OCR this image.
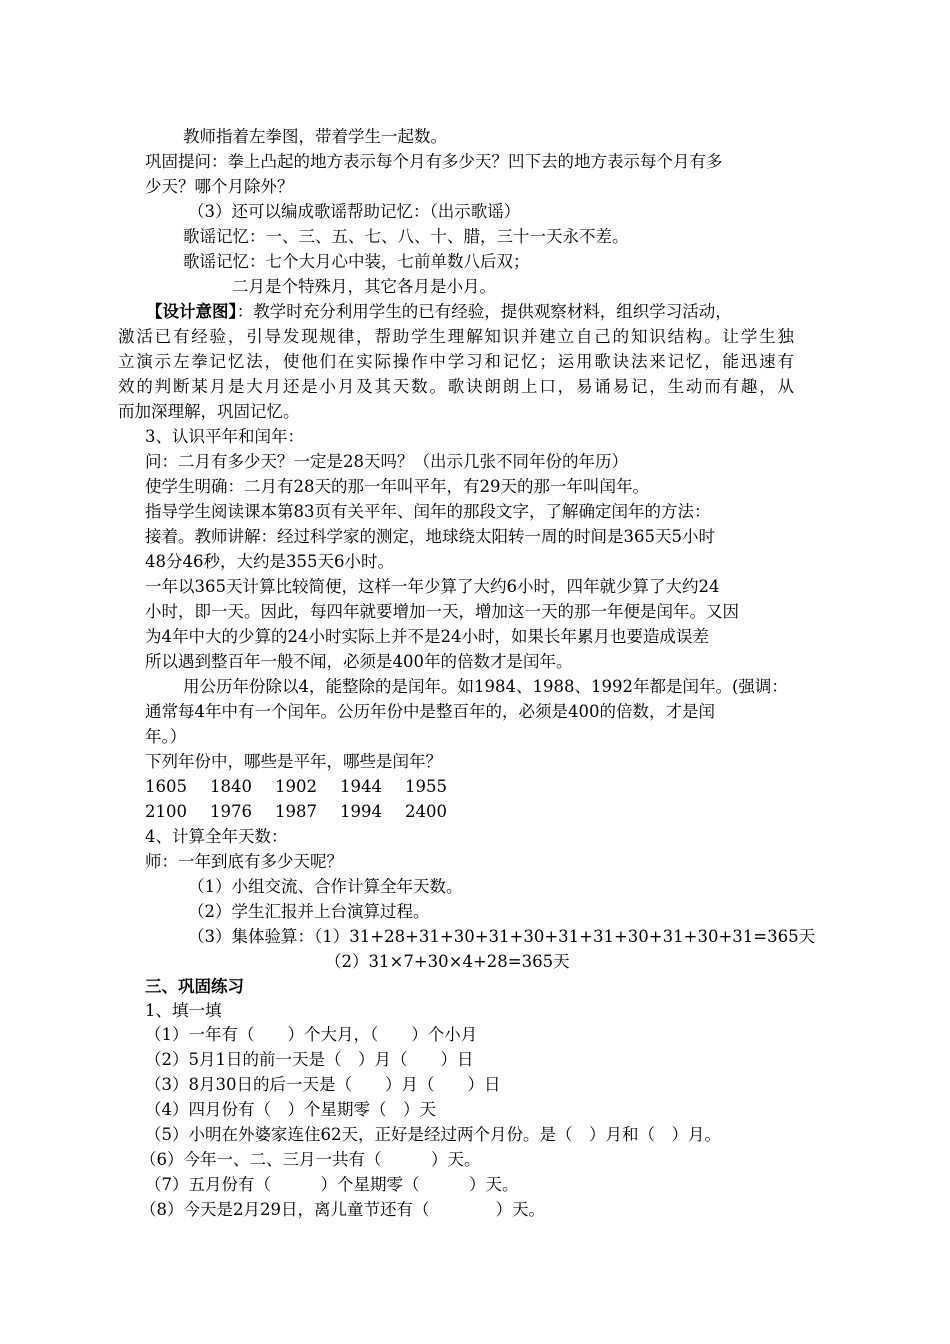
教师指着左拳图，带着学生一起数。
巩固提问：拳上凸起的地方表示每个月有多少天？凹下去的地方表示每个月有多
少天？哪个月除外？
（3）还可以编成歌谣帮助记忆：（出示歌谣）
歌谣记忆：一、三、五、七、八、十、腊，三十一天永不差。
歌谣记忆：七个大月心中装，七前单数八后双；
二月是个特殊月，其它各月是小月。
【设计意图】：教学时充分利用学生的已有经验，提供观察材料，组织学习活动，
激活已有经验，引导发现规律，帮助学生理解知识并建立自己的知识结构。让学生独
立演示左拳记忆法，使他们在实际操作中学习和记忆；运用歌诀法来记忆，能迅速有
效的判断某月是大月还是小月及其天数。歌诀朗朗上口，易诵易记，生动而有趣，从
而加深理解，巩固记忆。
3、认识平年和闰年：
问：二月有多少天？一定是28天吗？（出示几张不同年份的年历）
使学生明确：二月有28天的那一年叫平年，有29天的那一年叫闰年。
指导学生阅读课本第83页有关平年、闰年的那段文字，了解确定闰年的方法：
接着。教师讲解：经过科学家的测定，地球绕太阳转一周的时间是365天5小时
48分46秒，大约是355天6小时。
一年以365天计算比较简便，这样一年少算了大约6小时，四年就少算了大约24
小时，即一天。因此，每四年就要增加一天，增加这一天的那一年便是闰年。又因
为4年中大的少算的24小时实际上并不是24小时，如果长年累月也要造成误差
所以遇到整百年一般不闻，必须是400年的倍数才是闰年。
用公历年份除以4，能整除的是闰年。如1984、1988、1992年都是闰年。(强调：
通常每4年中有一个闰年。公历年份中是整百年的，必须是400的倍数，才是闰
年。）
下列年份中，哪些是平年，哪些是闰年？
1605 1840 1902 1944 1955
2100 1976 1987 1994 2400
4、计算全年天数：
师：一年到底有多少天呢？
（1）小组交流、合作计算全年天数。
（2）学生汇报并上台演算过程。
（3）集体验算：（1）31+28+31+30+31+30+31+31+30+31+30+31=365天
（2）31×7+30×4+28=365天
三、巩固练习
1、填一填
（1）一年有（　　）个大月，（　　）个小月
（2）5月1日的前一天是（　）月（　　）日
（3）8月30日的后一天是（　　）月（　　）日
（4）四月份有（　）个星期零（　）天
（5）小明在外婆家连住62天，正好是经过两个月份。是（　）月和（　）月。
（6）今年一、二、三月一共有（　　　）天。
（7）五月份有（　　　）个星期零（　　　）天。
（8）今天是2月29日，离儿童节还有（　　　　）天。
